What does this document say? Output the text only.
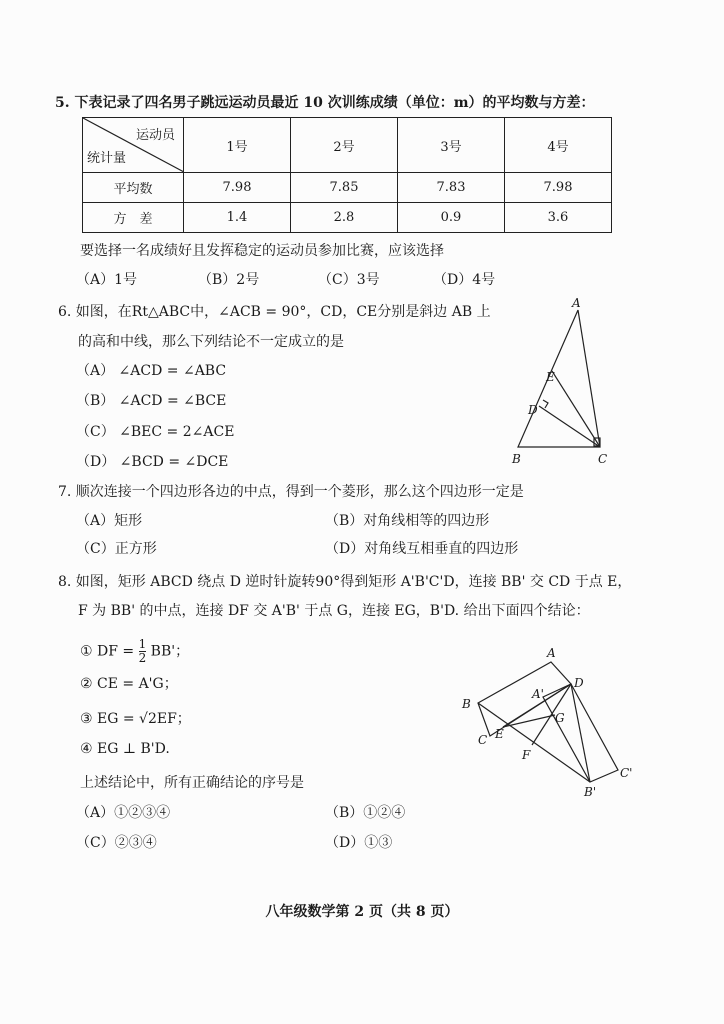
5. 下表记录了四名男子跳远运动员最近 10 次训练成绩（单位：m）的平均数与方差：
运动员
统计量	1号	2号	3号	4号
平均数	7.98	7.85	7.83	7.98
方　差	1.4	2.8	0.9	3.6
要选择一名成绩好且发挥稳定的运动员参加比赛，应该选择
（A）1号	（B）2号	（C）3号	（D）4号
6. 如图，在Rt△ABC中，∠ACB = 90°，CD，CE分别是斜边 AB 上
的高和中线，那么下列结论不一定成立的是
（A） ∠ACD = ∠ABC
（B） ∠ACD = ∠BCE
（C） ∠BEC = 2∠ACE
（D） ∠BCD = ∠DCE
A
E
D
B	C
7. 顺次连接一个四边形各边的中点，得到一个菱形，那么这个四边形一定是
（A）矩形	（B）对角线相等的四边形
（C）正方形	（D）对角线互相垂直的四边形
8. 如图，矩形 ABCD 绕点 D 逆时针旋转90°得到矩形 A'B'C'D，连接 BB' 交 CD 于点 E，
F 为 BB' 的中点，连接 DF 交 A'B' 于点 G，连接 EG，B'D. 给出下面四个结论：
① DF = $\frac{1}{2} BB'$；
② CE = A'G；
③ EG = √2EF；
④ EG ⊥ B'D.
上述结论中，所有正确结论的序号是
（A）①②③④	（B）①②④
（C）②③④	（D）①③
A
D
A'
B
G
C E
F
C'
B'
八年级数学第 2 页（共 8 页）
